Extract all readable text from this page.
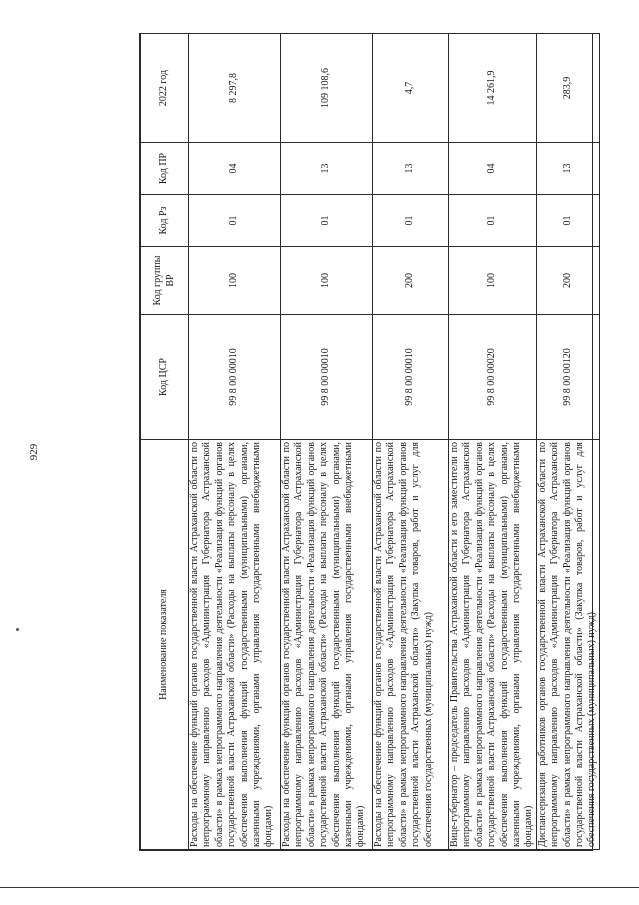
929
Наименование показателя	Код ЦСР	Код группы ВР	Код Рз	Код ПР	2022 год
Расходы на обеспечение функций органов государственной власти Астраханской области по непрограммному направлению расходов «Администрация Губернатора Астраханской области» в рамках непрограммного направления деятельности «Реализация функций органов государственной власти Астраханской области» (Расходы на выплаты персоналу в целях обеспечения выполнения функций государственными (муниципальными) органами, казенными учреждениями, органами управления государственными внебюджетными фондами)	99 8 00 00010	100	01	04	8 297,8
Расходы на обеспечение функций органов государственной власти Астраханской области по непрограммному направлению расходов «Администрация Губернатора Астраханской области» в рамках непрограммного направления деятельности «Реализация функций органов государственной власти Астраханской области» (Расходы на выплаты персоналу в целях обеспечения выполнения функций государственными (муниципальными) органами, казенными учреждениями, органами управления государственными внебюджетными фондами)	99 8 00 00010	100	01	13	109 108,6
Расходы на обеспечение функций органов государственной власти Астраханской области по непрограммному направлению расходов «Администрация Губернатора Астраханской области» в рамках непрограммного направления деятельности «Реализация функций органов государственной власти Астраханской области» (Закупка товаров, работ и услуг для обеспечения государственных (муниципальных) нужд)	99 8 00 00010	200	01	13	4,7
Вице-губернатор – председатель Правительства Астраханской области и его заместители по непрограммному направлению расходов «Администрация Губернатора Астраханской области» в рамках непрограммного направления деятельности «Реализация функций органов государственной власти Астраханской области» (Расходы на выплаты персоналу в целях обеспечения выполнения функций государственными (муниципальными) органами, казенными учреждениями, органами управления государственными внебюджетными фондами)	99 8 00 00020	100	01	04	14 261,9
Диспансеризация работников органов государственной власти Астраханской области по непрограммному направлению расходов «Администрация Губернатора Астраханской области» в рамках непрограммного направления деятельности «Реализация функций органов государственной власти Астраханской области» (Закупка товаров, работ и услуг для обеспечения государственных (муниципальных) нужд)	99 8 00 00120	200	01	13	283,9
